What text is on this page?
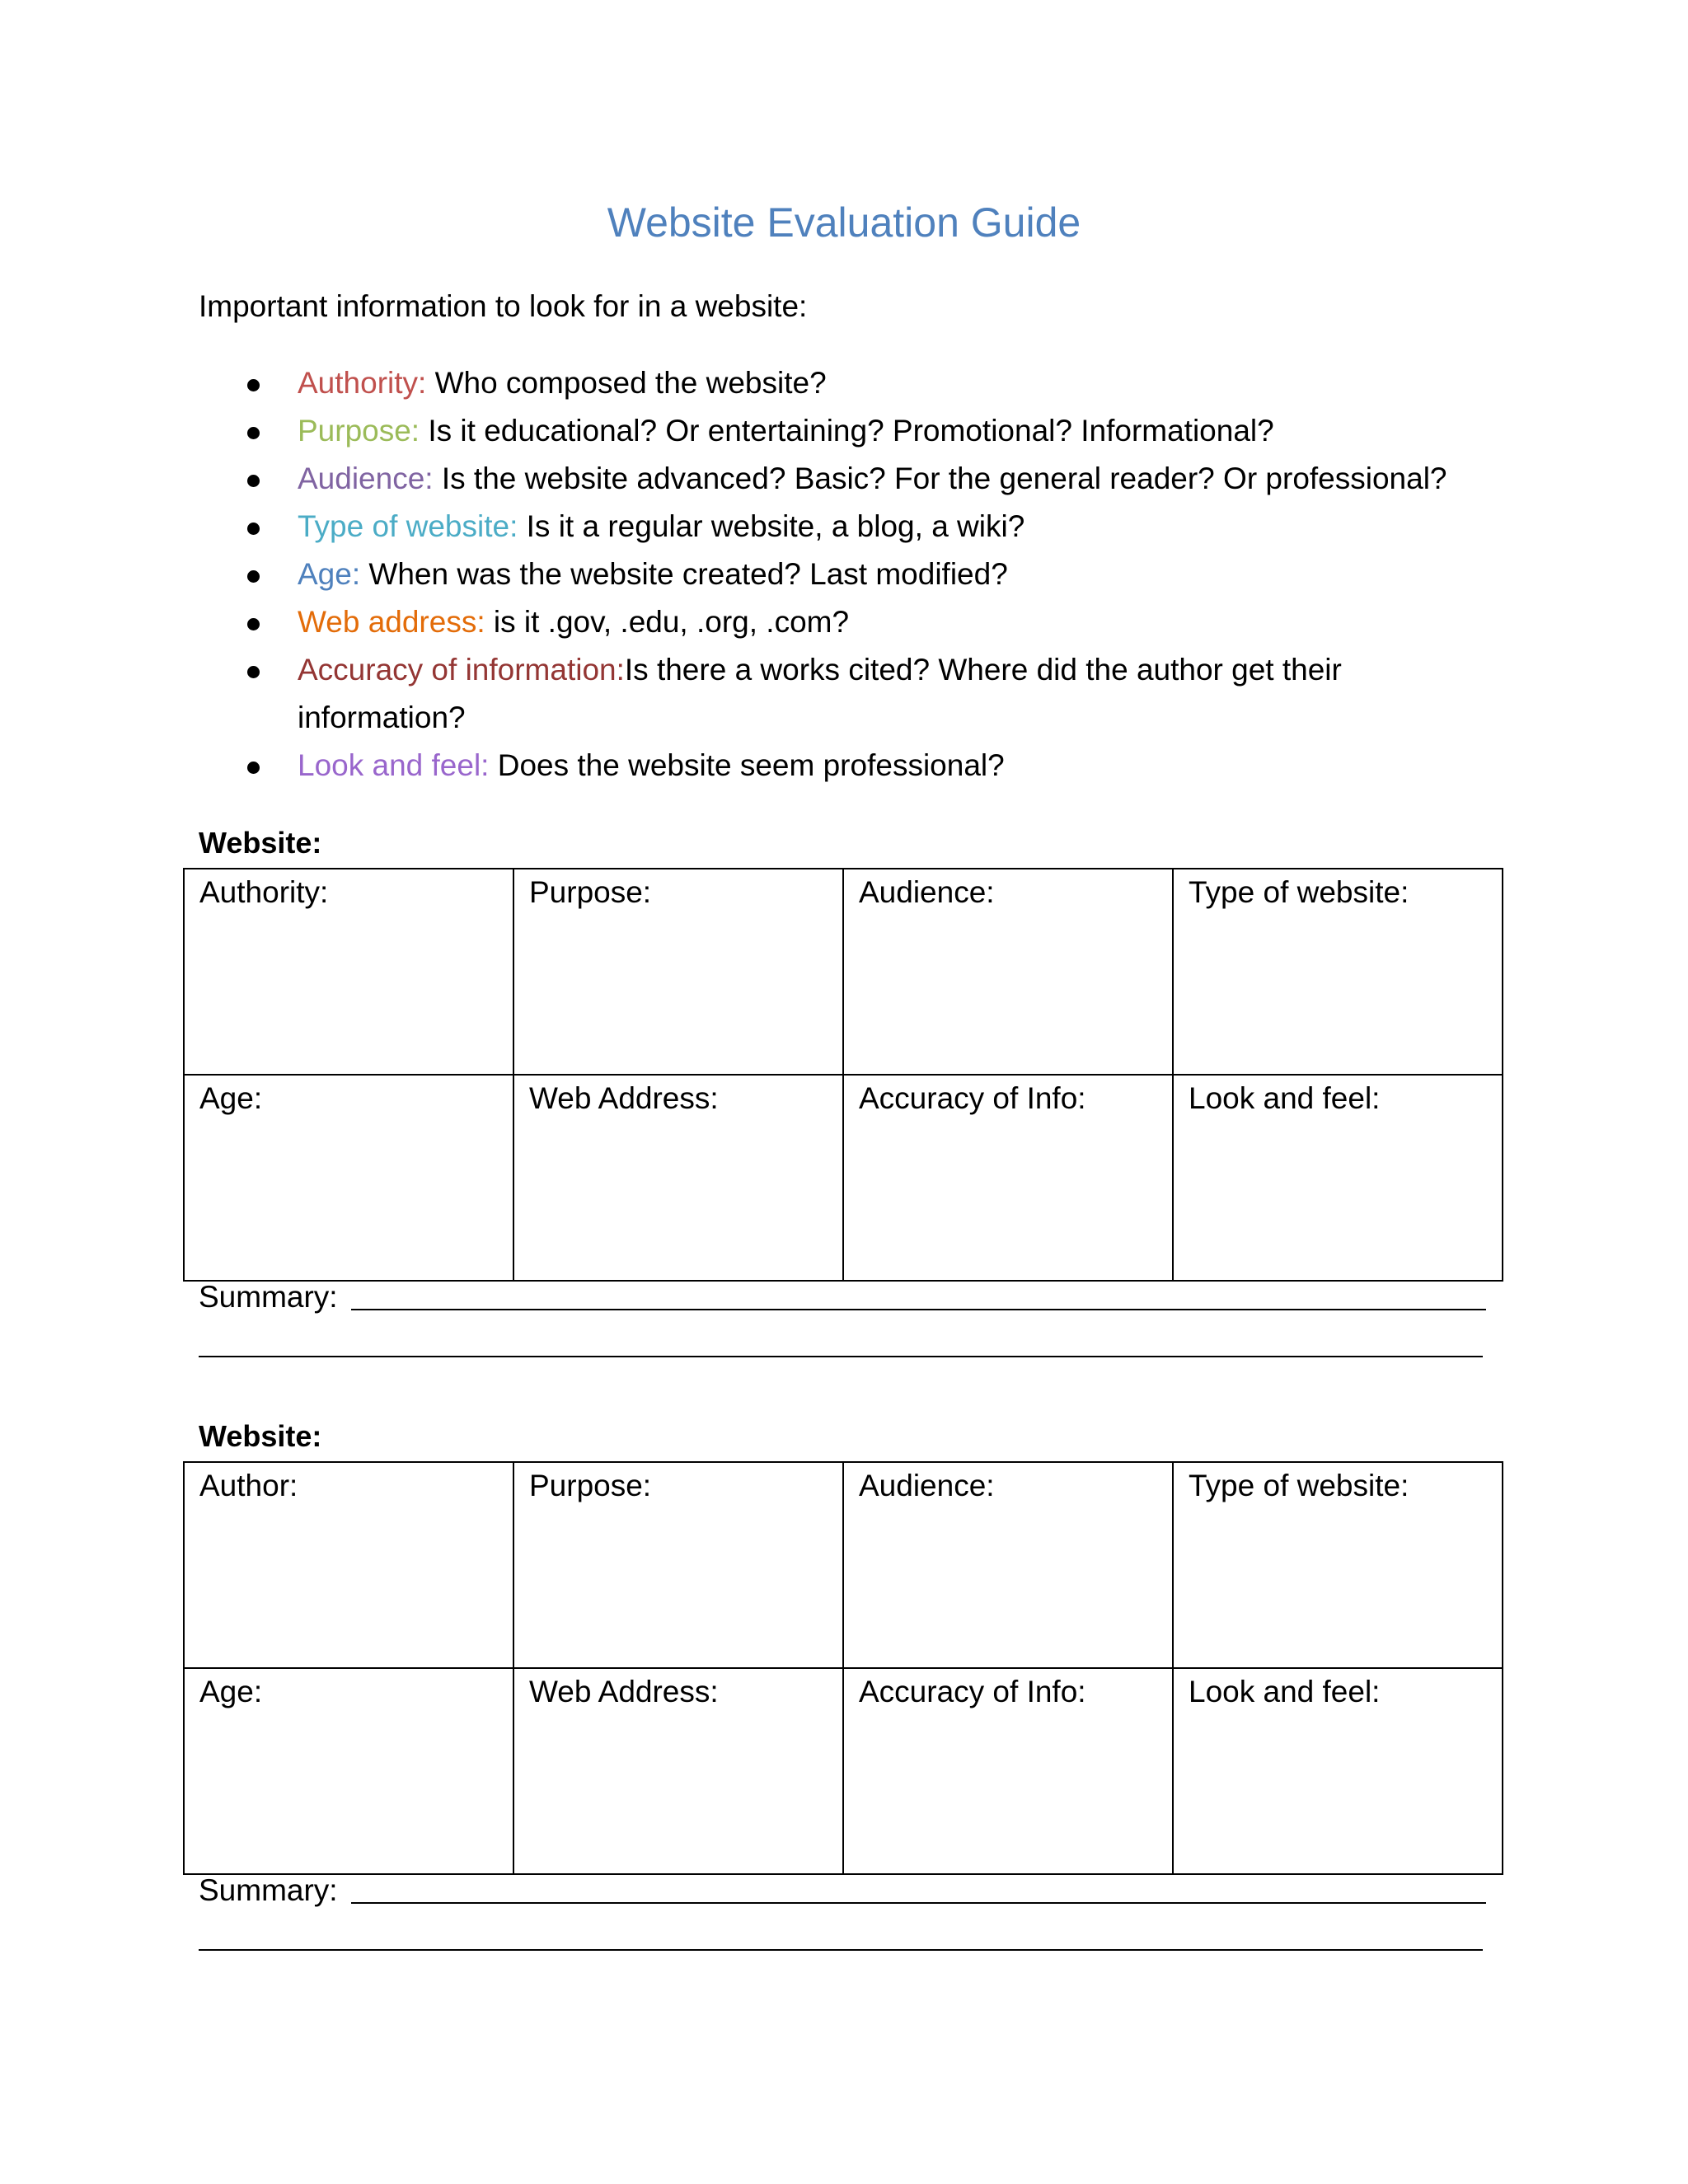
Website Evaluation Guide
Important information to look for in a website:
Authority: Who composed the website?
Purpose: Is it educational? Or entertaining? Promotional? Informational?
Audience: Is the website advanced? Basic? For the general reader? Or professional?
Type of website: Is it a regular website, a blog, a wiki?
Age: When was the website created? Last modified?
Web address: is it .gov, .edu, .org, .com?
Accuracy of information:Is there a works cited? Where did the author get their information?
Look and feel: Does the website seem professional?
Website:
Authority:	Purpose:	Audience:	Type of website:
Age:	Web Address:	Accuracy of Info:	Look and feel:
Summary:
Website:
Author:	Purpose:	Audience:	Type of website:
Age:	Web Address:	Accuracy of Info:	Look and feel:
Summary:
